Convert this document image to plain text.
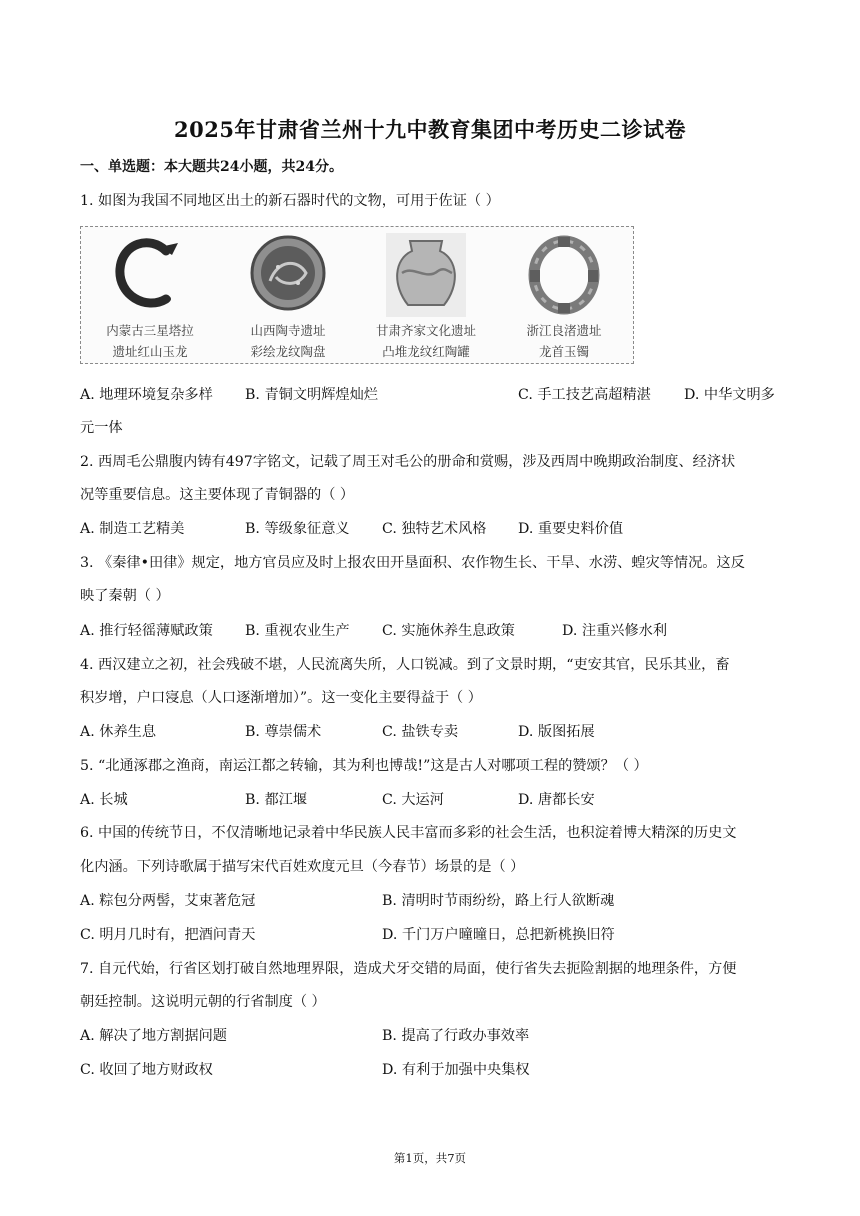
2025年甘肃省兰州十九中教育集团中考历史二诊试卷
一、单选题：本大题共24小题，共24分。
1. 如图为我国不同地区出土的新石器时代的文物，可用于佐证（ ）
内蒙古三星塔拉
遗址红山玉龙
山西陶寺遗址
彩绘龙纹陶盘
甘肃齐家文化遗址
凸堆龙纹红陶罐
浙江良渚遗址
龙首玉镯
A. 地理环境复杂多样 B. 青铜文明辉煌灿烂	C. 手工技艺高超精湛 D. 中华文明多
元一体
2. 西周毛公鼎腹内铸有497字铭文，记载了周王对毛公的册命和赏赐，涉及西周中晚期政治制度、经济状
况等重要信息。这主要体现了青铜器的（ ）
A. 制造工艺精美	B. 等级象征意义 C. 独特艺术风格 D. 重要史料价值
3. 《秦律•田律》规定，地方官员应及时上报农田开垦面积、农作物生长、干旱、水涝、蝗灾等情况。这反
映了秦朝（ ）
A. 推行轻徭薄赋政策 B. 重视农业生产 C. 实施休养生息政策	D. 注重兴修水利
4. 西汉建立之初，社会残破不堪，人民流离失所，人口锐减。到了文景时期，“吏安其官，民乐其业，畜
积岁增，户口寖息（人口逐渐增加）”。这一变化主要得益于（ ）
A. 休养生息	B. 尊崇儒术	C. 盐铁专卖	D. 版图拓展
5. “北通涿郡之渔商，南运江都之转输，其为利也博哉!”这是古人对哪项工程的赞颂？（ ）
A. 长城	B. 都江堰	C. 大运河	D. 唐都长安
6. 中国的传统节日，不仅清晰地记录着中华民族人民丰富而多彩的社会生活，也积淀着博大精深的历史文
化内涵。下列诗歌属于描写宋代百姓欢度元旦（今春节）场景的是（ ）
A. 粽包分两髻，艾束著危冠	B. 清明时节雨纷纷，路上行人欲断魂
C. 明月几时有，把酒问青天	D. 千门万户曈曈日，总把新桃换旧符
7. 自元代始，行省区划打破自然地理界限，造成犬牙交错的局面，使行省失去扼险割据的地理条件，方便
朝廷控制。这说明元朝的行省制度（ ）
A. 解决了地方割据问题	B. 提高了行政办事效率
C. 收回了地方财政权	D. 有利于加强中央集权
第1页，共7页
